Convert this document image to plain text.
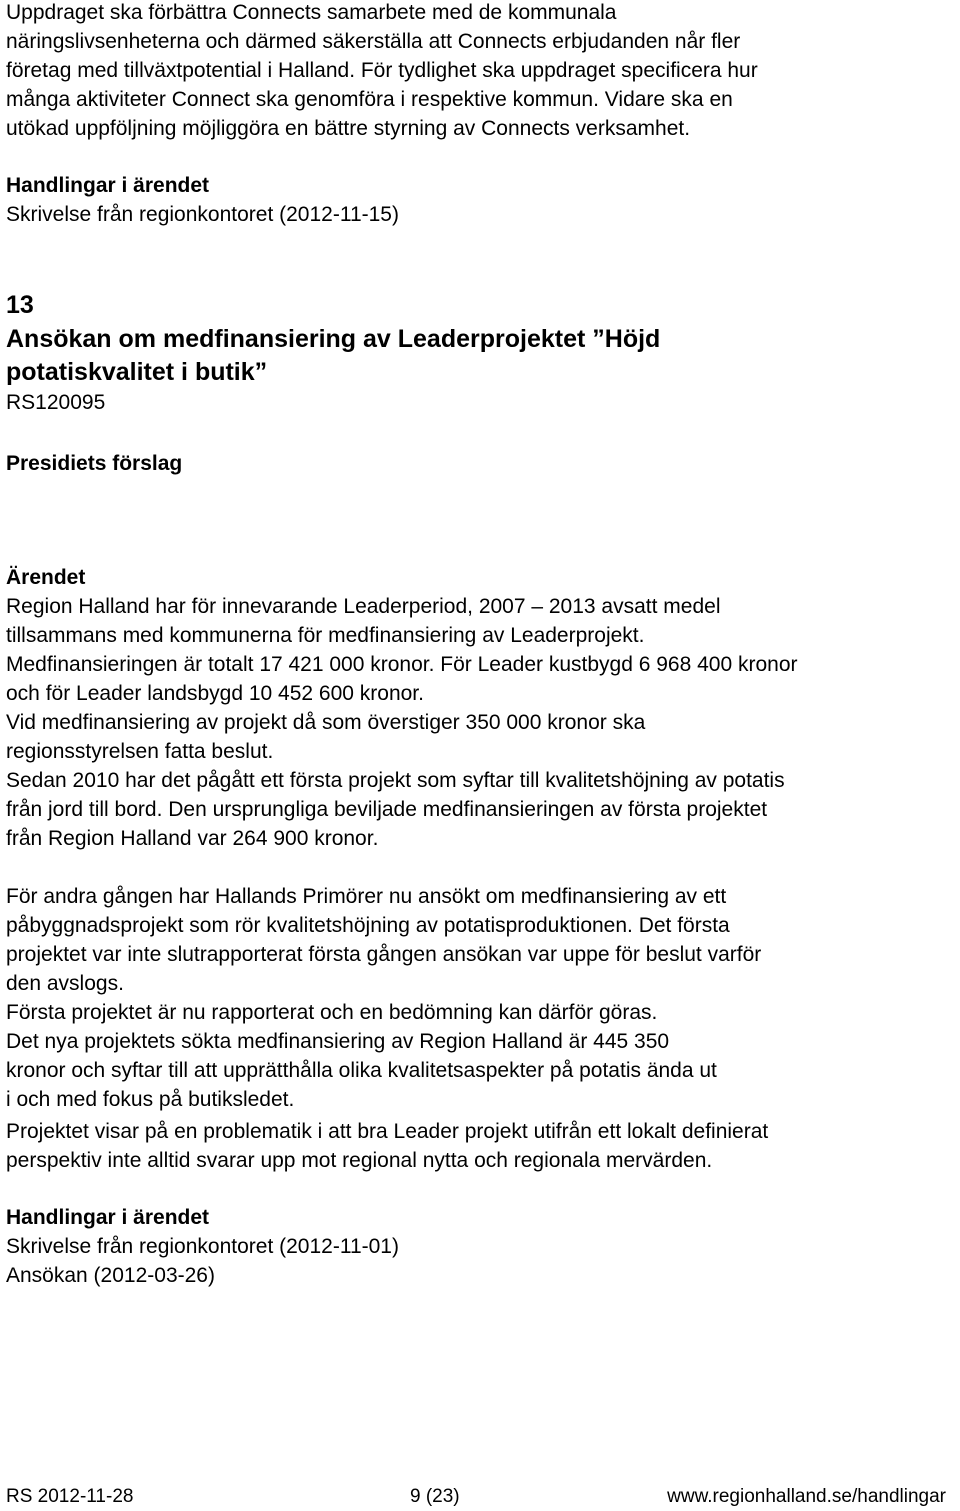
Uppdraget ska förbättra Connects samarbete med de kommunala
näringslivsenheterna och därmed säkerställa att Connects erbjudanden når fler
företag med tillväxtpotential i Halland. För tydlighet ska uppdraget specificera hur
många aktiviteter Connect ska genomföra i respektive kommun. Vidare ska en
utökad uppföljning möjliggöra en bättre styrning av Connects verksamhet.
Handlingar i ärendet
Skrivelse från regionkontoret (2012-11-15)
13
Ansökan om medfinansiering av Leaderprojektet ”Höjd
potatiskvalitet i butik”
RS120095
Presidiets förslag
Ärendet
Region Halland har för innevarande Leaderperiod, 2007 – 2013 avsatt medel
tillsammans med kommunerna för medfinansiering av Leaderprojekt.
Medfinansieringen är totalt 17 421 000 kronor. För Leader kustbygd 6 968 400 kronor
och för Leader landsbygd 10 452 600 kronor.
Vid medfinansiering av projekt då som överstiger 350 000 kronor ska
regionsstyrelsen fatta beslut.
Sedan 2010 har det pågått ett första projekt som syftar till kvalitetshöjning av potatis
från jord till bord. Den ursprungliga beviljade medfinansieringen av första projektet
från Region Halland var 264 900 kronor.
För andra gången har Hallands Primörer nu ansökt om medfinansiering av ett
påbyggnadsprojekt som rör kvalitetshöjning av potatisproduktionen. Det första
projektet var inte slutrapporterat första gången ansökan var uppe för beslut varför
den avslogs.
Första projektet är nu rapporterat och en bedömning kan därför göras.
Det nya projektets sökta medfinansiering av Region Halland är 445 350
kronor och syftar till att upprätthålla olika kvalitetsaspekter på potatis ända ut
i och med fokus på butiksledet.
Projektet visar på en problematik i att bra Leader projekt utifrån ett lokalt definierat
perspektiv inte alltid svarar upp mot regional nytta och regionala mervärden.
Handlingar i ärendet
Skrivelse från regionkontoret (2012-11-01)
Ansökan (2012-03-26)
RS 2012-11-28	9 (23)	www.regionhalland.se/handlingar
